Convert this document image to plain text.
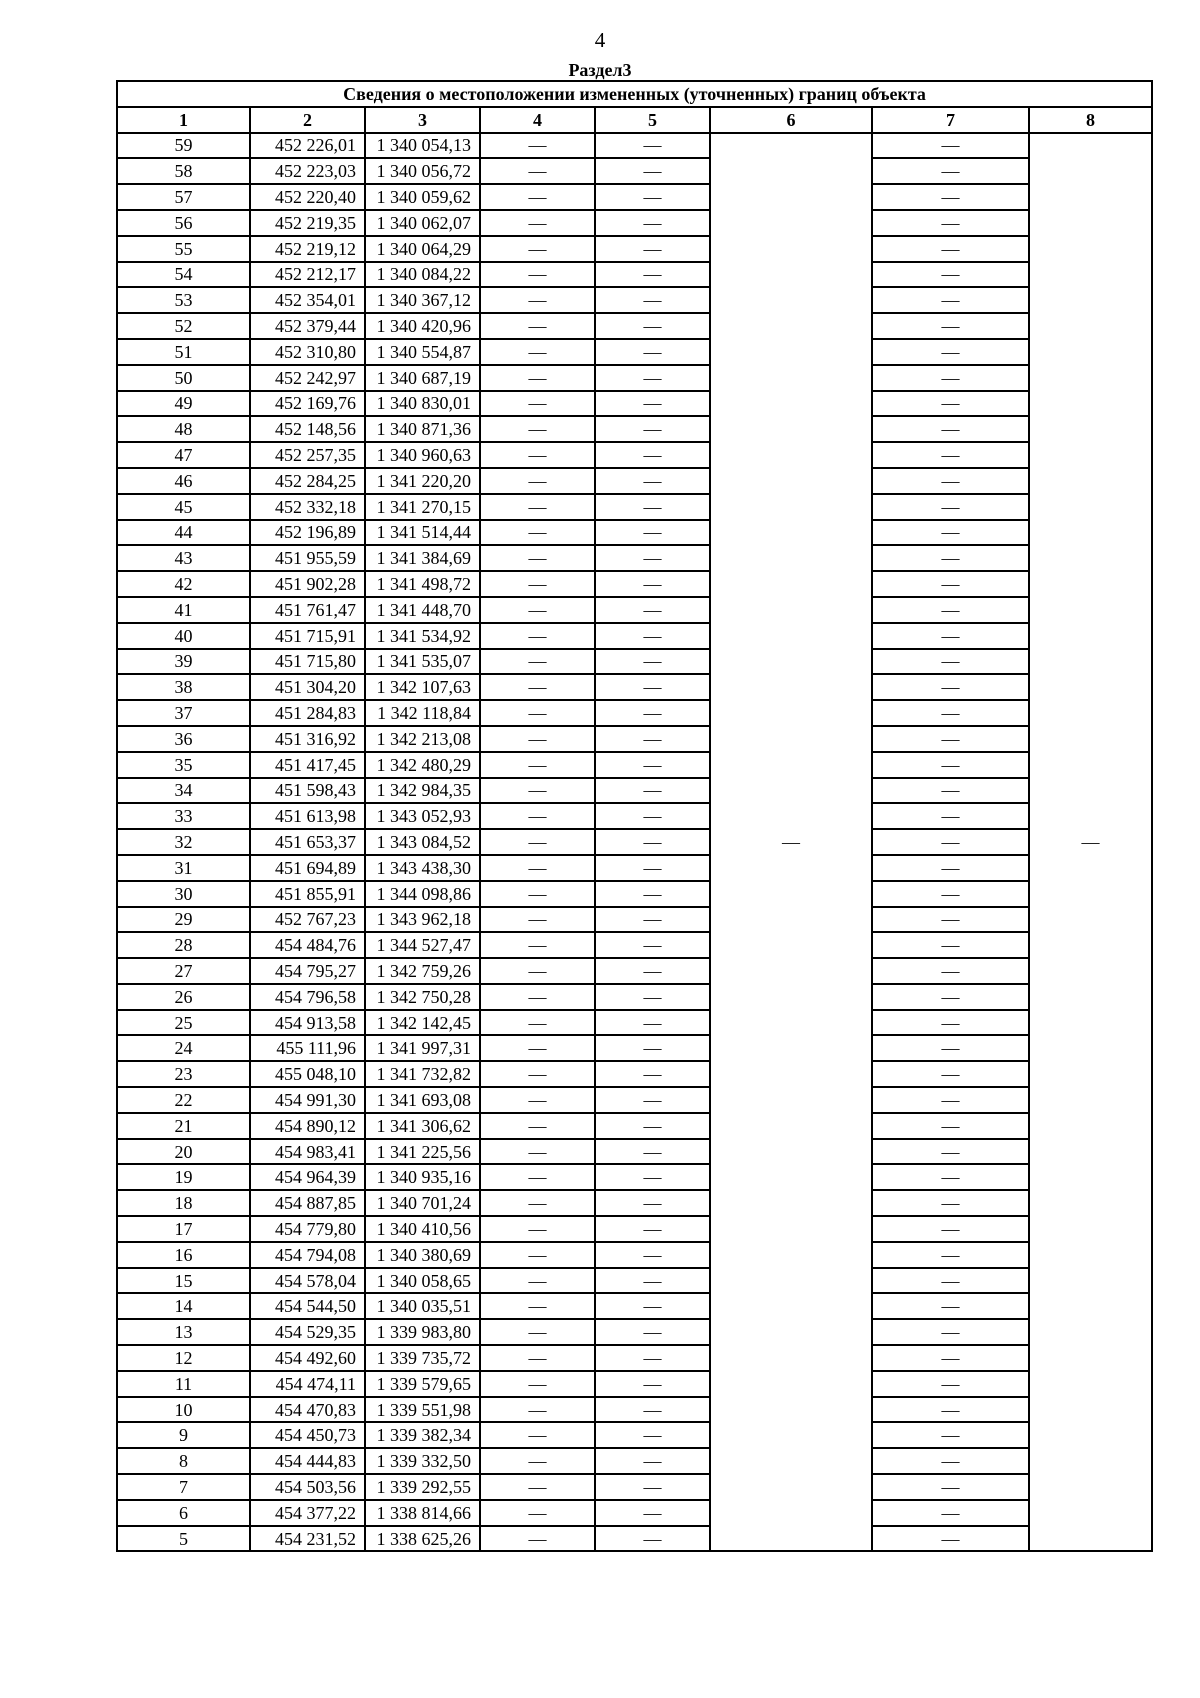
4
Раздел3
Сведения о местоположении измененных (уточненных) границ объекта							
1	2	3	4	5	6	7	8
59	452 226,01	1 340 054,13	—	—	—	—	—
58	452 223,03	1 340 056,72	—	—		—	
57	452 220,40	1 340 059,62	—	—		—	
56	452 219,35	1 340 062,07	—	—		—	
55	452 219,12	1 340 064,29	—	—		—	
54	452 212,17	1 340 084,22	—	—		—	
53	452 354,01	1 340 367,12	—	—		—	
52	452 379,44	1 340 420,96	—	—		—	
51	452 310,80	1 340 554,87	—	—		—	
50	452 242,97	1 340 687,19	—	—		—	
49	452 169,76	1 340 830,01	—	—		—	
48	452 148,56	1 340 871,36	—	—		—	
47	452 257,35	1 340 960,63	—	—		—	
46	452 284,25	1 341 220,20	—	—		—	
45	452 332,18	1 341 270,15	—	—		—	
44	452 196,89	1 341 514,44	—	—		—	
43	451 955,59	1 341 384,69	—	—		—	
42	451 902,28	1 341 498,72	—	—		—	
41	451 761,47	1 341 448,70	—	—		—	
40	451 715,91	1 341 534,92	—	—		—	
39	451 715,80	1 341 535,07	—	—		—	
38	451 304,20	1 342 107,63	—	—		—	
37	451 284,83	1 342 118,84	—	—		—	
36	451 316,92	1 342 213,08	—	—		—	
35	451 417,45	1 342 480,29	—	—		—	
34	451 598,43	1 342 984,35	—	—		—	
33	451 613,98	1 343 052,93	—	—		—	
32	451 653,37	1 343 084,52	—	—		—	
31	451 694,89	1 343 438,30	—	—		—	
30	451 855,91	1 344 098,86	—	—		—	
29	452 767,23	1 343 962,18	—	—		—	
28	454 484,76	1 344 527,47	—	—		—	
27	454 795,27	1 342 759,26	—	—		—	
26	454 796,58	1 342 750,28	—	—		—	
25	454 913,58	1 342 142,45	—	—		—	
24	455 111,96	1 341 997,31	—	—		—	
23	455 048,10	1 341 732,82	—	—		—	
22	454 991,30	1 341 693,08	—	—		—	
21	454 890,12	1 341 306,62	—	—		—	
20	454 983,41	1 341 225,56	—	—		—	
19	454 964,39	1 340 935,16	—	—		—	
18	454 887,85	1 340 701,24	—	—		—	
17	454 779,80	1 340 410,56	—	—		—	
16	454 794,08	1 340 380,69	—	—		—	
15	454 578,04	1 340 058,65	—	—		—	
14	454 544,50	1 340 035,51	—	—		—	
13	454 529,35	1 339 983,80	—	—		—	
12	454 492,60	1 339 735,72	—	—		—	
11	454 474,11	1 339 579,65	—	—		—	
10	454 470,83	1 339 551,98	—	—		—	
9	454 450,73	1 339 382,34	—	—		—	
8	454 444,83	1 339 332,50	—	—		—	
7	454 503,56	1 339 292,55	—	—		—	
6	454 377,22	1 338 814,66	—	—		—	
5	454 231,52	1 338 625,26	—	—		—	
